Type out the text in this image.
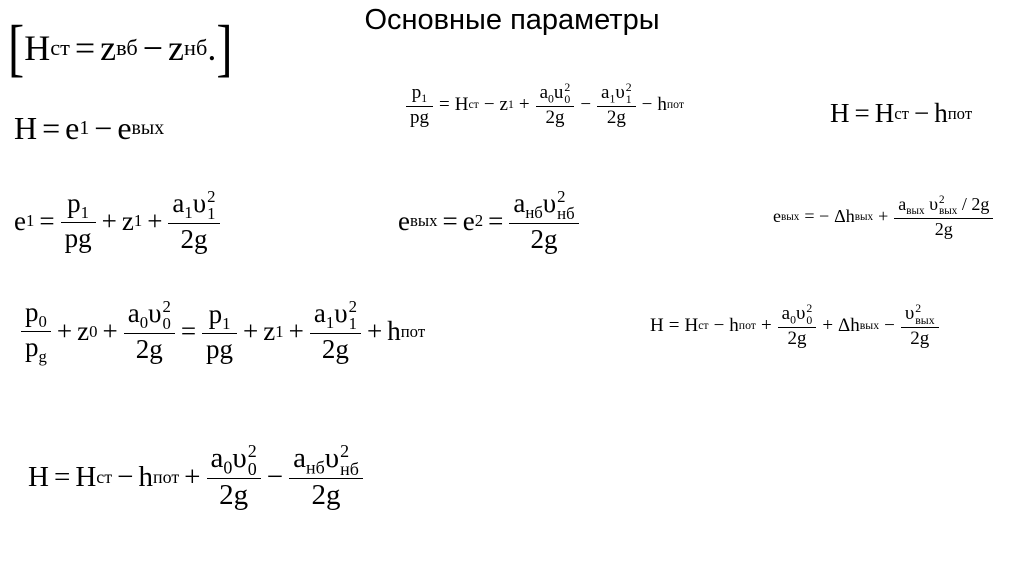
Основные параметры
[ H ст = z вб − z нб . ]
H = e 1 − e вых	$\frac{p_1}{pg} = H$ ст − z $1 + a_0u$ 2
0
$2g - a_1\upsilon$ 2
1
2g − h пот	H = H ст − h пот
e $1 = \frac{p_1}{pg} + z$ $1 + a_1\upsilon$ 2
1
2g	e вых = e $2 = a_{нб}\upsilon$ 2
нб
2g	e вых = − Δh вых + $a_{вых}$ υ 2
вых / 2g
2g
$\frac{p_0}{p_g} + z$ $0 + a_0\upsilon$ 2
0
$2g = \frac{p_1}{pg} + z$ $1 + a_1\upsilon$ 2
1
2g + h пот	H = H ст − h пот + $a_0\upsilon$ 2
0
2g + Δh вых − υ 2
вых
2g
H = H ст − h пот + $a_0\upsilon$ 2
0
$2g - a_{нб}\upsilon$ 2
нб
2g
